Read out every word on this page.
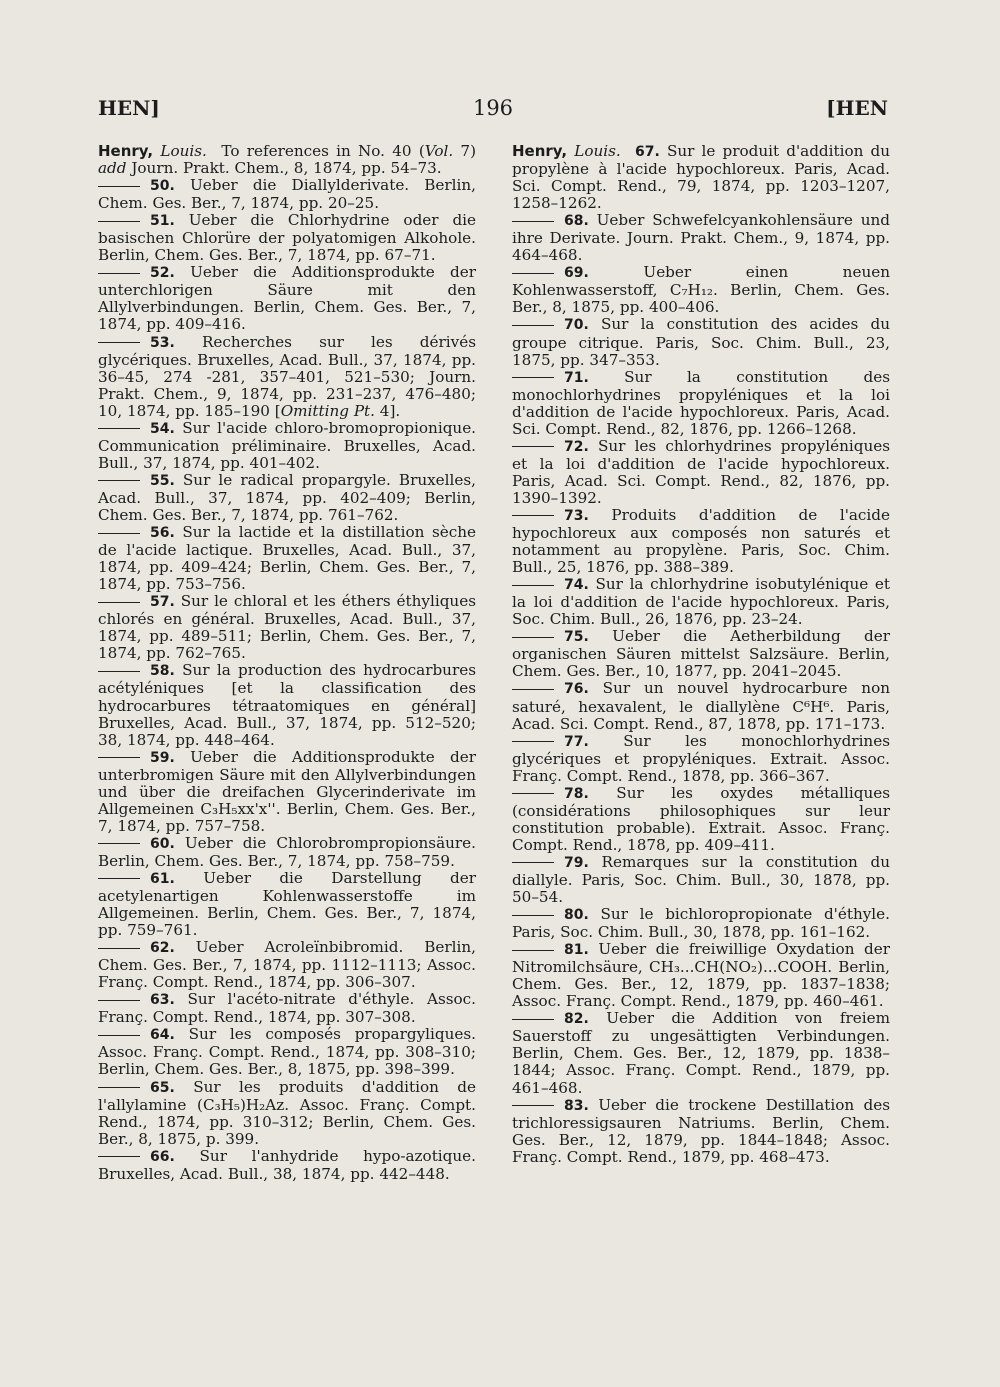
HEN]	196	[HEN

Henry, Louis. To references in No. 40 (Vol. 7) add Journ. Prakt. Chem., 8, 1874, pp. 54–73.

50. Ueber die Diallylderivate. Berlin, Chem. Ges. Ber., 7, 1874, pp. 20–25.

51. Ueber die Chlorhydrine oder die basischen Chlorüre der polyatomigen Alkohole. Berlin, Chem. Ges. Ber., 7, 1874, pp. 67–71.

52. Ueber die Additionsprodukte der unterchlorigen Säure mit den Allylverbindungen. Berlin, Chem. Ges. Ber., 7, 1874, pp. 409–416.

53. Recherches sur les dérivés glycériques. Bruxelles, Acad. Bull., 37, 1874, pp. 36–45, 274 -281, 357–401, 521–530; Journ. Prakt. Chem., 9, 1874, pp. 231–237, 476–480; 10, 1874, pp. 185–190 [Omitting Pt. 4].

54. Sur l'acide chloro-bromopropionique. Communication préliminaire. Bruxelles, Acad. Bull., 37, 1874, pp. 401–402.

55. Sur le radical propargyle. Bruxelles, Acad. Bull., 37, 1874, pp. 402–409; Berlin, Chem. Ges. Ber., 7, 1874, pp. 761–762.

56. Sur la lactide et la distillation sèche de l'acide lactique. Bruxelles, Acad. Bull., 37, 1874, pp. 409–424; Berlin, Chem. Ges. Ber., 7, 1874, pp. 753–756.

57. Sur le chloral et les éthers éthyliques chlorés en général. Bruxelles, Acad. Bull., 37, 1874, pp. 489–511; Berlin, Chem. Ges. Ber., 7, 1874, pp. 762–765.

58. Sur la production des hydrocarbures acétyléniques [et la classification des hydrocarbures tétraatomiques en général] Bruxelles, Acad. Bull., 37, 1874, pp. 512–520; 38, 1874, pp. 448–464.

59. Ueber die Additionsprodukte der unterbromigen Säure mit den Allylverbindungen und über die dreifachen Glycerinderivate im Allgemeinen C₃H₅xx'x''. Berlin, Chem. Ges. Ber., 7, 1874, pp. 757–758.

60. Ueber die Chlorobrompropionsäure. Berlin, Chem. Ges. Ber., 7, 1874, pp. 758–759.

61. Ueber die Darstellung der acetylenartigen Kohlenwasserstoffe im Allgemeinen. Berlin, Chem. Ges. Ber., 7, 1874, pp. 759–761.

62. Ueber Acroleïnbibromid. Berlin, Chem. Ges. Ber., 7, 1874, pp. 1112–1113; Assoc. Franç. Compt. Rend., 1874, pp. 306–307.

63. Sur l'acéto-nitrate d'éthyle. Assoc. Franç. Compt. Rend., 1874, pp. 307–308.

64. Sur les composés propargyliques. Assoc. Franç. Compt. Rend., 1874, pp. 308–310; Berlin, Chem. Ges. Ber., 8, 1875, pp. 398–399.

65. Sur les produits d'addition de l'allylamine (C₃H₅)H₂Az. Assoc. Franç. Compt. Rend., 1874, pp. 310–312; Berlin, Chem. Ges. Ber., 8, 1875, p. 399.

66. Sur l'anhydride hypo-azotique. Bruxelles, Acad. Bull., 38, 1874, pp. 442–448.

Henry, Louis. 67. Sur le produit d'addition du propylène à l'acide hypochloreux. Paris, Acad. Sci. Compt. Rend., 79, 1874, pp. 1203–1207, 1258–1262.

68. Ueber Schwefelcyankohlensäure und ihre Derivate. Journ. Prakt. Chem., 9, 1874, pp. 464–468.

69.	Ueber einen neuen Kohlenwasserstoff, C₇H₁₂. Berlin, Chem. Ges. Ber., 8, 1875, pp. 400–406.

70. Sur la constitution des acides du groupe citrique. Paris, Soc. Chim. Bull., 23, 1875, pp. 347–353.

71. Sur la constitution des monochlorhydrines propyléniques et la loi d'addition de l'acide hypochloreux. Paris, Acad. Sci. Compt. Rend., 82, 1876, pp. 1266–1268.

72. Sur les chlorhydrines propyléniques et la loi d'addition de l'acide hypochloreux. Paris, Acad. Sci. Compt. Rend., 82, 1876, pp. 1390–1392.

73. Produits d'addition de l'acide hypochloreux aux composés non saturés et notamment au propylène. Paris, Soc. Chim. Bull., 25, 1876, pp. 388–389.

74. Sur la chlorhydrine isobutylénique et la loi d'addition de l'acide hypochloreux. Paris, Soc. Chim. Bull., 26, 1876, pp. 23–24.

75. Ueber die Aetherbildung der organischen Säuren mittelst Salzsäure. Berlin, Chem. Ges. Ber., 10, 1877, pp. 2041–2045.

76. Sur un nouvel hydrocarbure non saturé, hexavalent, le diallylène C⁶H⁶. Paris, Acad. Sci. Compt. Rend., 87, 1878, pp. 171–173.

77. Sur les monochlorhydrines glycériques et propyléniques. Extrait. Assoc. Franç. Compt. Rend., 1878, pp. 366–367.

78. Sur les oxydes métalliques (considérations philosophiques sur leur constitution probable). Extrait. Assoc. Franç. Compt. Rend., 1878, pp. 409–411.

79. Remarques sur la constitution du diallyle. Paris, Soc. Chim. Bull., 30, 1878, pp. 50–54.

80. Sur le bichloropropionate d'éthyle. Paris, Soc. Chim. Bull., 30, 1878, pp. 161–162.

81. Ueber die freiwillige Oxydation der Nitromilchsäure, CH₃...CH(NO₂)...COOH. Berlin, Chem. Ges. Ber., 12, 1879, pp. 1837–1838; Assoc. Franç. Compt. Rend., 1879, pp. 460–461.

82. Ueber die Addition von freiem Sauerstoff zu ungesättigten Verbindungen. Berlin, Chem. Ges. Ber., 12, 1879, pp. 1838–1844; Assoc. Franç. Compt. Rend., 1879, pp. 461–468.

83. Ueber die trockene Destillation des trichloressigsauren Natriums. Berlin, Chem. Ges. Ber., 12, 1879, pp. 1844–1848; Assoc. Franç. Compt. Rend., 1879, pp. 468–473.
